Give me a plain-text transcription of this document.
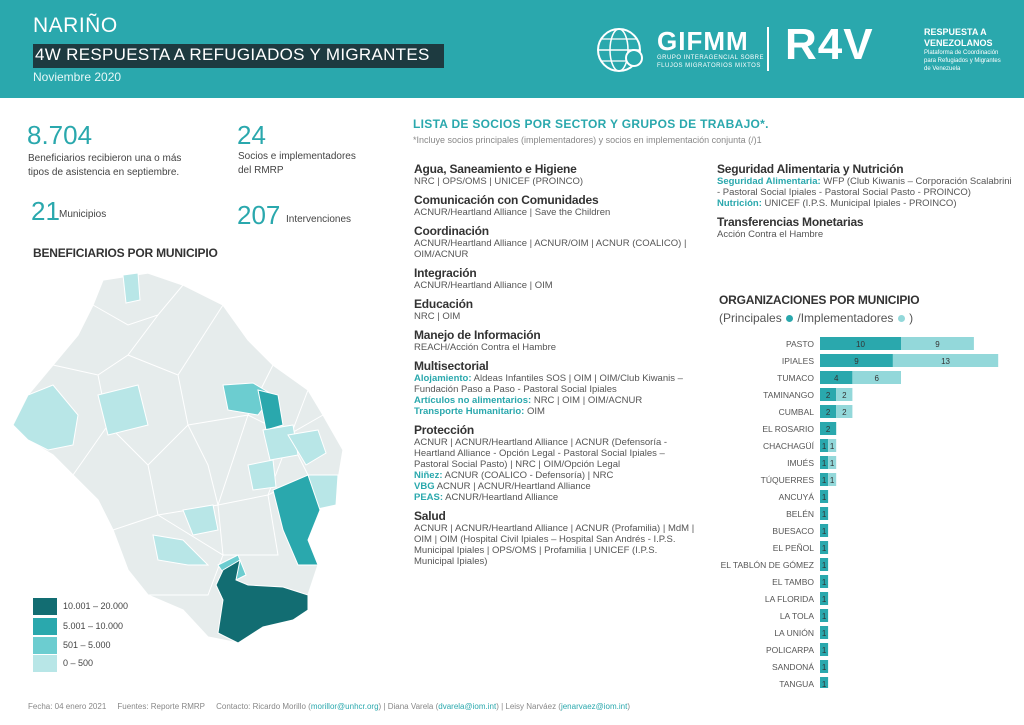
NARIÑO
4W RESPUESTA A REFUGIADOS Y MIGRANTES
Noviembre 2020
GIFMM
GRUPO INTERAGENCIAL SOBRE
FLUJOS MIGRATORIOS MIXTOS R4V	RESPUESTA A
VENEZOLANOS
Plataforma de Coordinación
para Refugiados y Migrantes
de Venezuela
8.704
Beneficiarios recibieron una o más
tipos de asistencia en septiembre.
24
Socios e implementadores
del RMRP
21 Municipios	207 Intervenciones
BENEFICIARIOS POR MUNICIPIO
10.001 – 20.000
5.001 – 10.000
501 – 5.000
0 – 500
LISTA DE SOCIOS POR SECTOR Y GRUPOS DE TRABAJO*.
*Incluye socios principales (implementadores) y socios en implementación conjunta (/)1
Agua, Saneamiento e Higiene
NRC | OPS/OMS | UNICEF (PROINCO)
Comunicación con Comunidades
ACNUR/Heartland Alliance | Save the Children
Coordinación
ACNUR/Heartland Alliance | ACNUR/OIM | ACNUR (COALICO) | OIM/ACNUR
Integración
ACNUR/Heartland Alliance | OIM
Educación
NRC | OIM
Manejo de Información
REACH/Acción Contra el Hambre
Multisectorial
Alojamiento: Aldeas Infantiles SOS | OIM | OIM/Club Kiwanis – Fundación Paso a Paso - Pastoral Social Ipiales
Artículos no alimentarios: NRC | OIM | OIM/ACNUR
Transporte Humanitario: OIM
Protección
ACNUR | ACNUR/Heartland Alliance | ACNUR (Defensoría - Heartland Alliance - Opción Legal - Pastoral Social Ipiales – Pastoral Social Pasto) | NRC | OIM/Opción Legal
Niñez: ACNUR (COALICO - Defensoría) | NRC
VBG ACNUR | ACNUR/Heartland Alliance
PEAS: ACNUR/Heartland Alliance
Salud
ACNUR | ACNUR/Heartland Alliance | ACNUR (Profamilia) | MdM | OIM | OIM (Hospital Civil Ipiales – Hospital San Andrés - I.P.S. Municipal Ipiales | OPS/OMS | Profamilia | UNICEF (I.P.S. Municipal Ipiales)
Seguridad Alimentaria y Nutrición
Seguridad Alimentaria: WFP (Club Kiwanis – Corporación Scalabrini - Pastoral Social Ipiales - Pastoral Social Pasto - PROINCO)
Nutrición: UNICEF (I.P.S. Municipal Ipiales - PROINCO)
Transferencias Monetarias
Acción Contra el Hambre
ORGANIZACIONES POR MUNICIPIO
(Principales  /Implementadores  )
PASTO	10	9
IPIALES	9	13
TUMACO 4	6
TAMINANGO 2 2
CUMBAL 2 2
EL ROSARIO 2
CHACHAGÜÍ 1 1
IMUÉS 1 1
TÚQUERRES 1 1
ANCUYÁ 1
BELÉN 1
BUESACO 1
EL PEÑOL 1
EL TABLÓN DE GÓMEZ 1
EL TAMBO 1
LA FLORIDA 1
LA TOLA 1
LA UNIÓN 1
POLICARPA 1
SANDONÁ 1
TANGUA 1
Fecha: 04 enero 2021 Fuentes: Reporte RMRP Contacto: Ricardo Morillo (morillor@unhcr.org) | Diana Varela (dvarela@iom.int) | Leisy Narváez (jenarvaez@iom.int)
